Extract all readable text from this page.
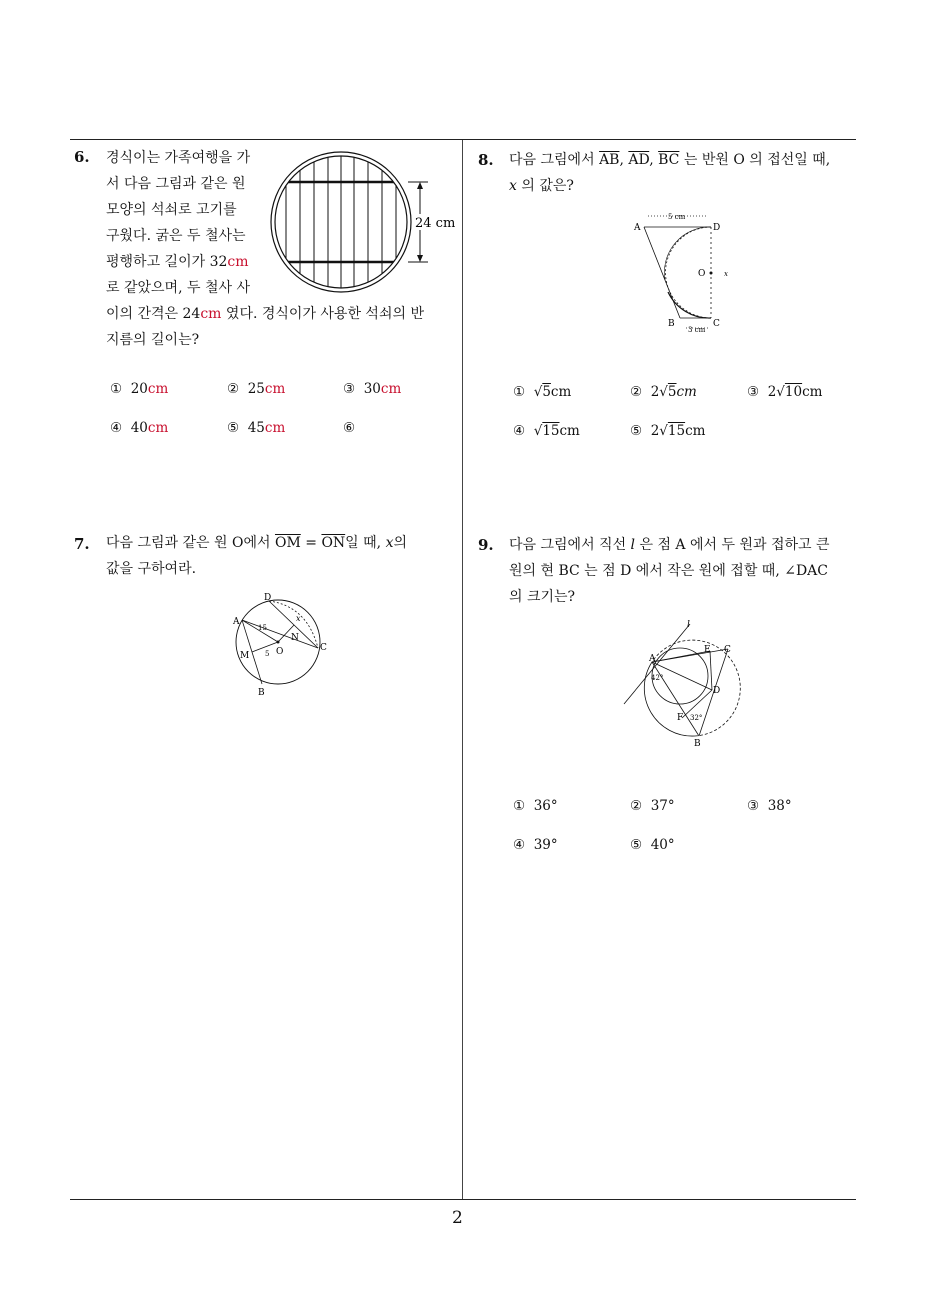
6. 경식이는 가족여행을 가
서 다음 그림과 같은 원
모양의 석쇠로 고기를
구웠다. 굵은 두 철사는
평행하고 길이가 32cm
로 같았으며, 두 철사 사
이의 간격은 24cm 였다. 경식이가 사용한 석쇠의 반
지름의 길이는?
24 cm
① 20cm	② 25cm	③ 30cm
④ 40cm	⑤ 45cm	⑥
7. 다음 그림과 같은 원 O에서 $\overline{OM} = \overline{ON}$일 때, x의
값을 구하여라.
A
B
C
D
M
N
O
15
5
x
8. 다음 그림에서 $\overline{AB}$, $\overline{AD}$, $\overline{BC}$ 는 반원 O 의 접선일 때,
x 의 값은?
A
B	C
D
O	x
5 cm
3 cm
① √5cm	② 2√5cm	③ 2√10cm
④ √15cm	⑤ 2√15cm
9. 다음 그림에서 직선 l 은 점 A 에서 두 원과 접하고 큰
원의 현 BC 는 점 D 에서 작은 원에 접할 때, ∠DAC
의 크기는?
A
B
C
D
E
F
l
42°
32°
① 36°	② 37°	③ 38°
④ 39°	⑤ 40°
2
